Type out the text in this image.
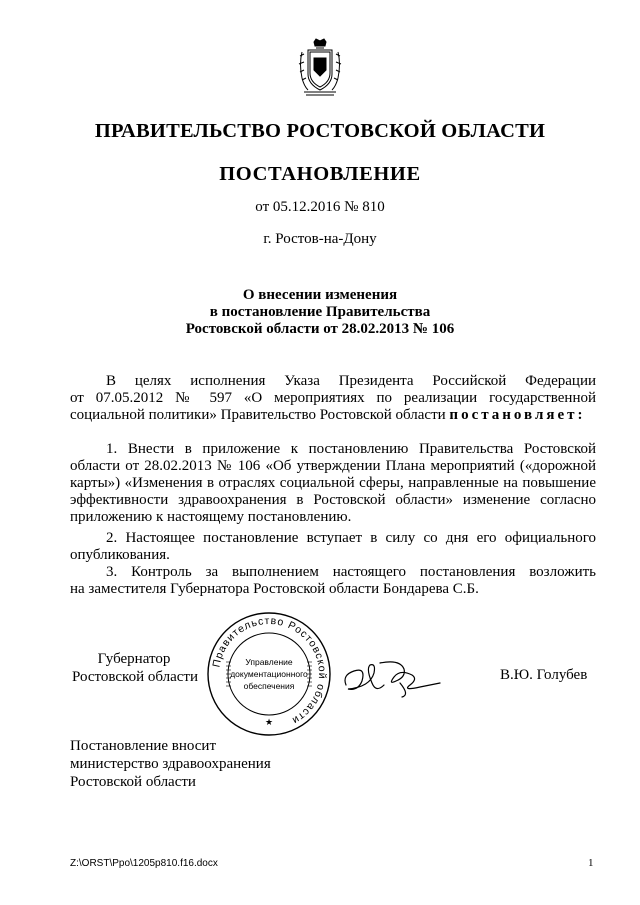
ПРАВИТЕЛЬСТВО РОСТОВСКОЙ ОБЛАСТИ
ПОСТАНОВЛЕНИЕ
от 05.12.2016 № 810
г. Ростов-на-Дону
О внесении изменения
в постановление Правительства
Ростовской области от 28.02.2013 № 106
В целях исполнения Указа Президента Российской Федерации
от 07.05.2012 № 597 «О мероприятиях по реализации государственной
социальной политики» Правительство Ростовской области постановляет:
1. Внести в приложение к постановлению Правительства Ростовской
области от 28.02.2013 № 106 «Об утверждении Плана мероприятий («дорожной
карты») «Изменения в отраслях социальной сферы, направленные на повышение
эффективности здравоохранения в Ростовской области» изменение согласно
приложению к настоящему постановлению.
2. Настоящее постановление вступает в силу со дня его официального
опубликования.
3. Контроль за выполнением настоящего постановления возложить
на заместителя Губернатора Ростовской области Бондарева С.Б.
Губернатор
Ростовской области
Правительство Ростовской области
★
Управление
документационного
обеспечения
В.Ю. Голубев
Постановление вносит
министерство здравоохранения
Ростовской области
Z:\ORST\Ppo\1205p810.f16.docx	1
